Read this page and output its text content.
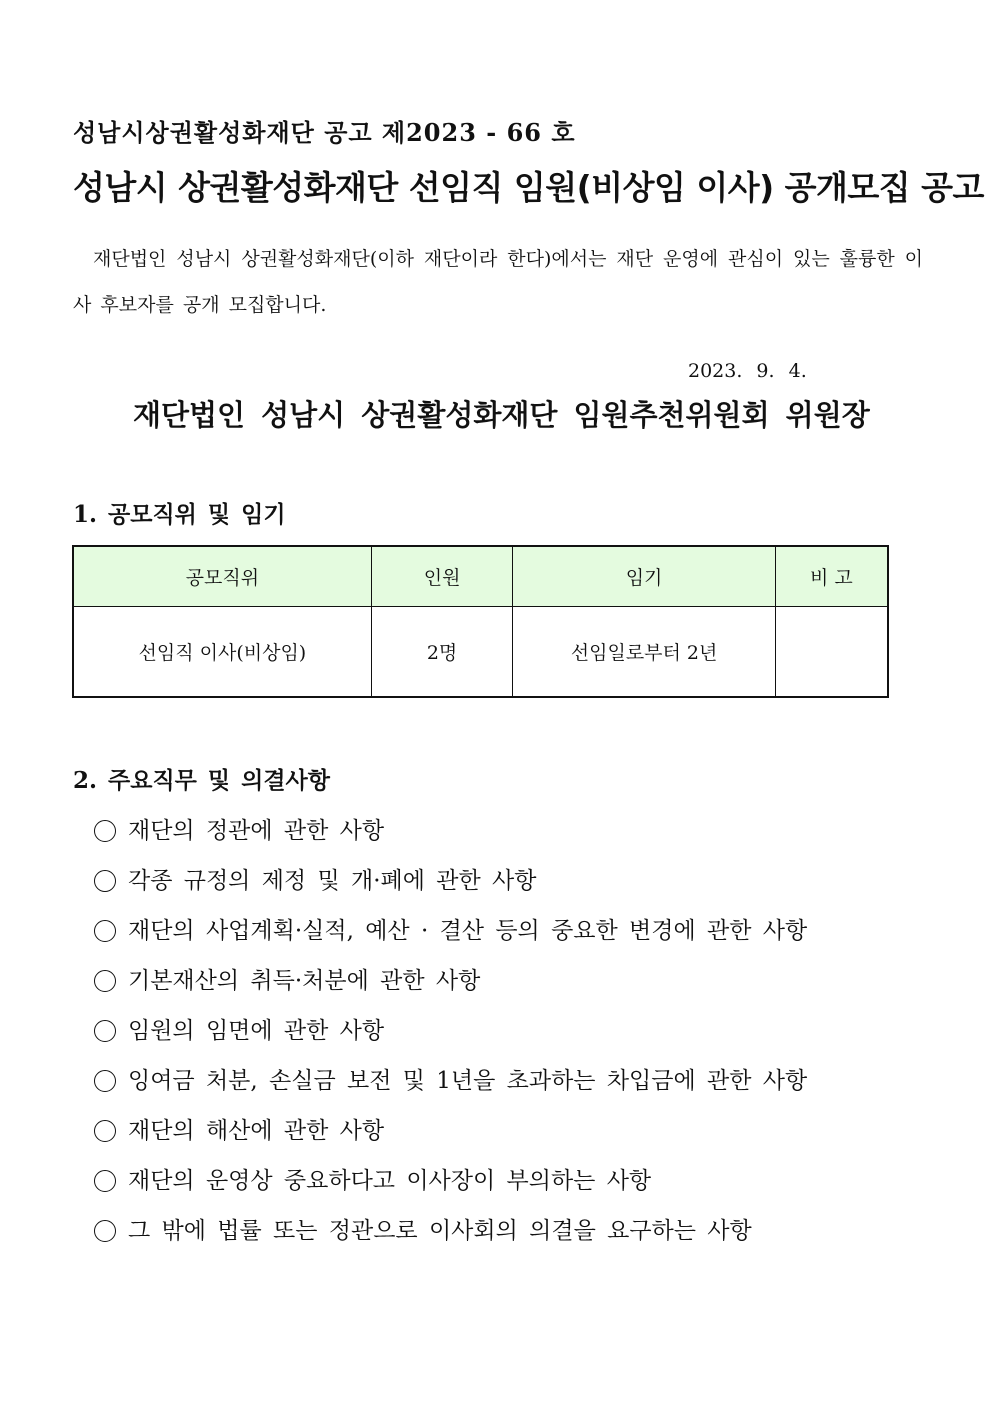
성남시상권활성화재단 공고 제2023 - 66 호
성남시 상권활성화재단 선임직 임원(비상임 이사) 공개모집 공고
재단법인 성남시 상권활성화재단(이하 재단이라 한다)에서는 재단 운영에 관심이 있는 훌륭한 이사 후보자를 공개 모집합니다.
2023. 9. 4.
재단법인 성남시 상권활성화재단 임원추천위원회 위원장
1. 공모직위 및 임기
공모직위	인원	임기	비 고
선임직 이사(비상임)	2명	선임일로부터 2년	
2. 주요직무 및 의결사항
재단의 정관에 관한 사항
각종 규정의 제정 및 개·폐에 관한 사항
재단의 사업계획·실적, 예산 · 결산 등의 중요한 변경에 관한 사항
기본재산의 취득·처분에 관한 사항
임원의 임면에 관한 사항
잉여금 처분, 손실금 보전 및 1년을 초과하는 차입금에 관한 사항
재단의 해산에 관한 사항
재단의 운영상 중요하다고 이사장이 부의하는 사항
그 밖에 법률 또는 정관으로 이사회의 의결을 요구하는 사항
